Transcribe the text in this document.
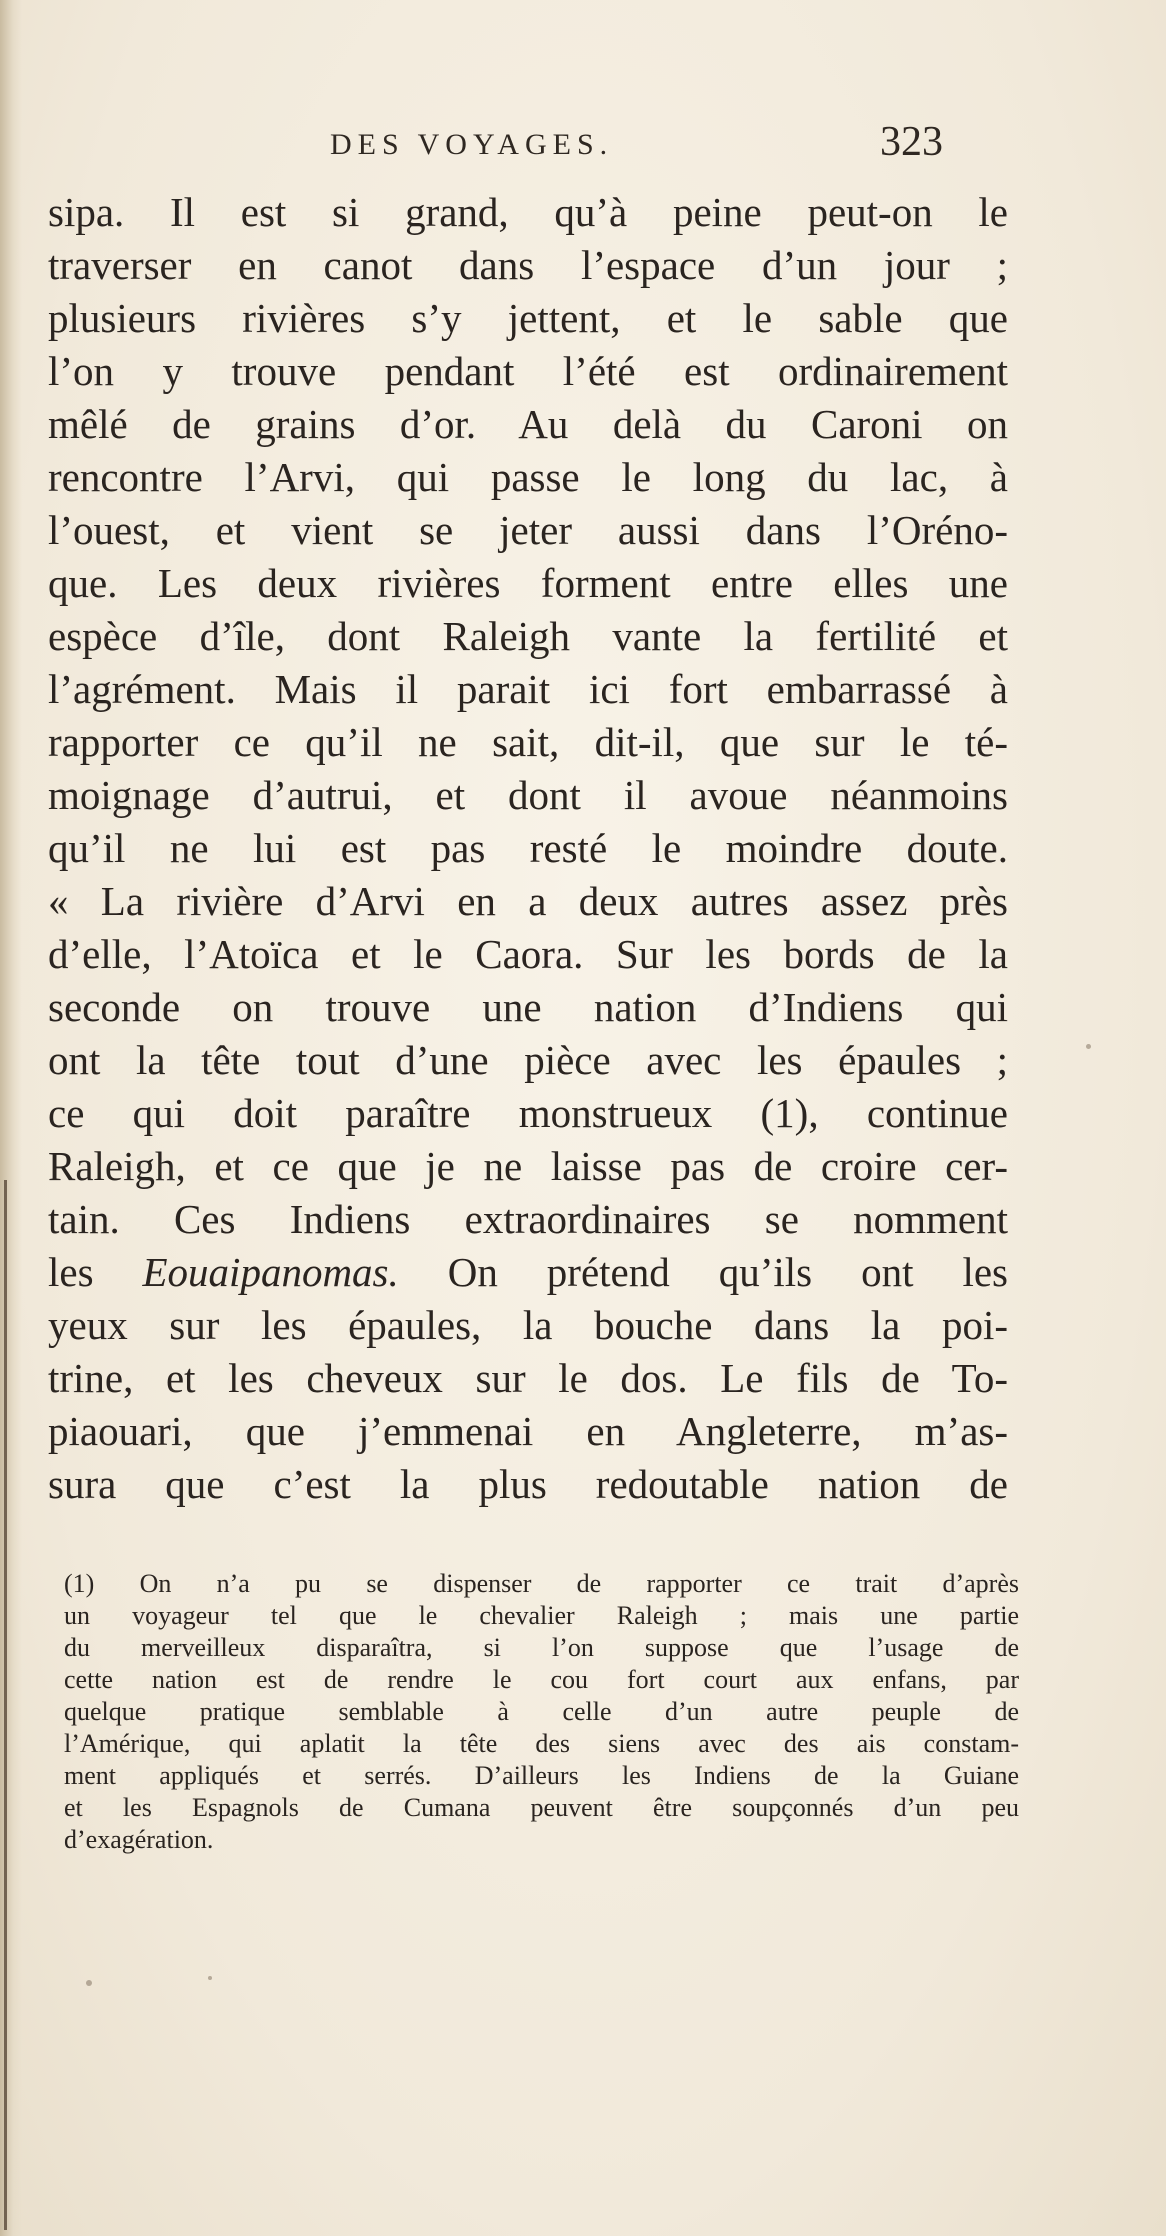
DES VOYAGES.	323
sipa. Il est si grand, qu’à peine peut-on le
traverser en canot dans l’espace d’un jour ;
plusieurs rivières s’y jettent, et le sable que
l’on y trouve pendant l’été est ordinairement
mêlé de grains d’or. Au delà du Caroni on
rencontre l’Arvi, qui passe le long du lac, à
l’ouest, et vient se jeter aussi dans l’Oréno-
que. Les deux rivières forment entre elles une
espèce d’île, dont Raleigh vante la fertilité et
l’agrément. Mais il parait ici fort embarrassé à
rapporter ce qu’il ne sait, dit-il, que sur le té-
moignage d’autrui, et dont il avoue néanmoins
qu’il ne lui est pas resté le moindre doute.
« La rivière d’Arvi en a deux autres assez près
d’elle, l’Atoïca et le Caora. Sur les bords de la
seconde on trouve une nation d’Indiens qui
ont la tête tout d’une pièce avec les épaules ;
ce qui doit paraître monstrueux (1), continue
Raleigh, et ce que je ne laisse pas de croire cer-
tain. Ces Indiens extraordinaires se nomment
les Eouaipanomas. On prétend qu’ils ont les
yeux sur les épaules, la bouche dans la poi-
trine, et les cheveux sur le dos. Le fils de To-
piaouari, que j’emmenai en Angleterre, m’as-
sura que c’est la plus redoutable nation de
(1) On n’a pu se dispenser de rapporter ce trait d’après
un voyageur tel que le chevalier Raleigh ; mais une partie
du merveilleux disparaîtra, si l’on suppose que l’usage de
cette nation est de rendre le cou fort court aux enfans, par
quelque pratique semblable à celle d’un autre peuple de
l’Amérique, qui aplatit la tête des siens avec des ais constam-
ment appliqués et serrés. D’ailleurs les Indiens de la Guiane
et les Espagnols de Cumana peuvent être soupçonnés d’un peu
d’exagération.
